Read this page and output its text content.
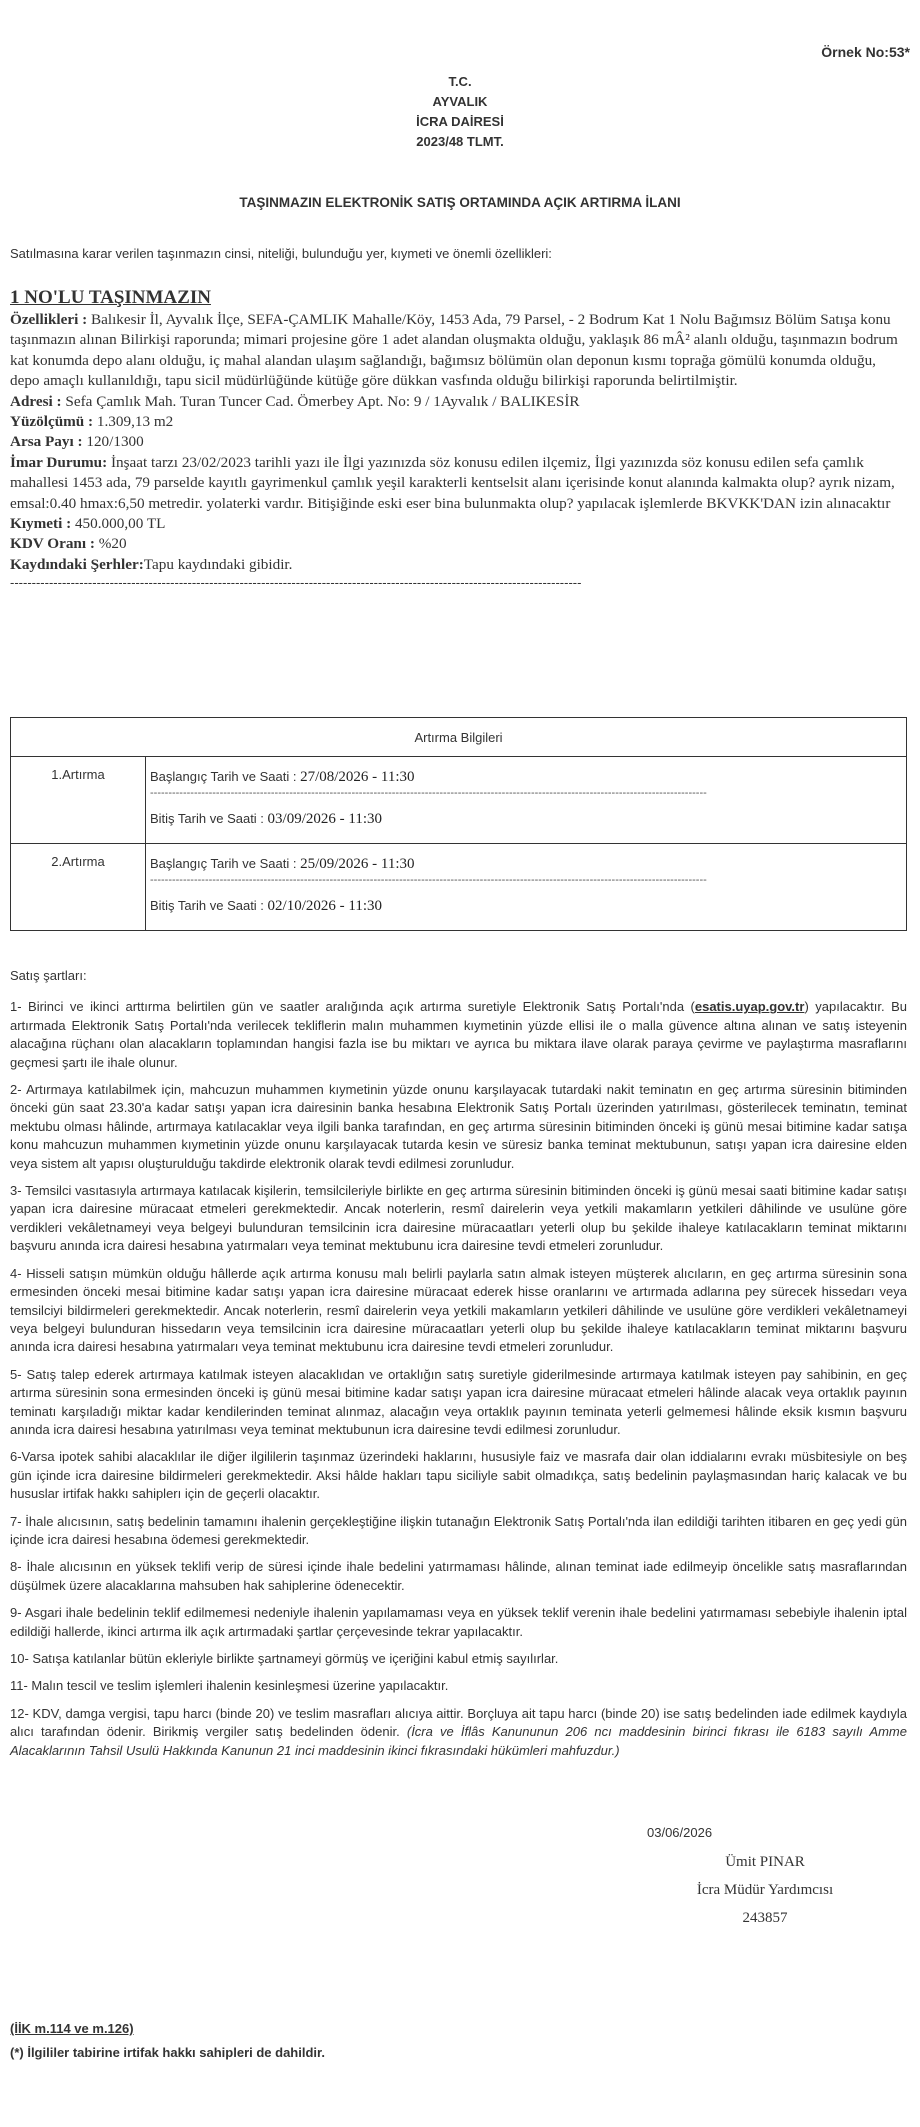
Örnek No:53*
T.C.
AYVALIK
İCRA DAİRESİ
2023/48 TLMT.
TAŞINMAZIN ELEKTRONİK SATIŞ ORTAMINDA AÇIK ARTIRMA İLANI
Satılmasına karar verilen taşınmazın cinsi, niteliği, bulunduğu yer, kıymeti ve önemli özellikleri:
1 NO'LU TAŞINMAZIN
Özellikleri : Balıkesir İl, Ayvalık İlçe, SEFA-ÇAMLIK Mahalle/Köy, 1453 Ada, 79 Parsel, - 2 Bodrum Kat 1 Nolu Bağımsız Bölüm Satışa konu taşınmazın alınan Bilirkişi raporunda; mimari projesine göre 1 adet alandan oluşmakta olduğu, yaklaşık 86 mÂ² alanlı olduğu, taşınmazın bodrum kat konumda depo alanı olduğu, iç mahal alandan ulaşım sağlandığı, bağımsız bölümün olan deponun kısmı toprağa gömülü konumda olduğu, depo amaçlı kullanıldığı, tapu sicil müdürlüğünde kütüğe göre dükkan vasfında olduğu bilirkişi raporunda belirtilmiştir.
Adresi : Sefa Çamlık Mah. Turan Tuncer Cad. Ömerbey Apt. No: 9 / 1Ayvalık / BALIKESİR
Yüzölçümü : 1.309,13 m2
Arsa Payı : 120/1300
İmar Durumu: İnşaat tarzı 23/02/2023 tarihli yazı ile İlgi yazınızda söz konusu edilen ilçemiz, İlgi yazınızda söz konusu edilen sefa çamlık mahallesi 1453 ada, 79 parselde kayıtlı gayrimenkul çamlık yeşil karakterli kentselsit alanı içerisinde konut alanında kalmakta olup? ayrık nizam, emsal:0.40 hmax:6,50 metredir. yolaterki vardır. Bitişiğinde eski eser bina bulunmakta olup? yapılacak işlemlerde BKVKK'DAN izin alınacaktır
Kıymeti : 450.000,00 TL
KDV Oranı : %20
Kaydındaki Şerhler:Tapu kaydındaki gibidir.
------------------------------------------------------------------------------------------------------------------------------------
Artırma Bilgileri	
1.Artırma	Başlangıç Tarih ve Saati : 27/08/2026 - 11:30
--------------------------------------------------------------------------------------------------------------------------------------------------------
Bitiş Tarih ve Saati : 03/09/2026 - 11:30

2.Artırma	Başlangıç Tarih ve Saati : 25/09/2026 - 11:30
--------------------------------------------------------------------------------------------------------------------------------------------------------
Bitiş Tarih ve Saati : 02/10/2026 - 11:30

Satış şartları:

1- Birinci ve ikinci arttırma belirtilen gün ve saatler aralığında açık artırma suretiyle Elektronik Satış Portalı'nda (esatis.uyap.gov.tr) yapılacaktır. Bu artırmada Elektronik Satış Portalı'nda verilecek tekliflerin malın muhammen kıymetinin yüzde ellisi ile o malla güvence altına alınan ve satış isteyenin alacağına rüçhanı olan alacakların toplamından hangisi fazla ise bu miktarı ve ayrıca bu miktara ilave olarak paraya çevirme ve paylaştırma masraflarını geçmesi şartı ile ihale olunur.

2- Artırmaya katılabilmek için, mahcuzun muhammen kıymetinin yüzde onunu karşılayacak tutardaki nakit teminatın en geç artırma süresinin bitiminden önceki gün saat 23.30'a kadar satışı yapan icra dairesinin banka hesabına Elektronik Satış Portalı üzerinden yatırılması, gösterilecek teminatın, teminat mektubu olması hâlinde, artırmaya katılacaklar veya ilgili banka tarafından, en geç artırma süresinin bitiminden önceki iş günü mesai bitimine kadar satışa konu mahcuzun muhammen kıymetinin yüzde onunu karşılayacak tutarda kesin ve süresiz banka teminat mektubunun, satışı yapan icra dairesine elden veya sistem alt yapısı oluşturulduğu takdirde elektronik olarak tevdi edilmesi zorunludur.

3- Temsilci vasıtasıyla artırmaya katılacak kişilerin, temsilcileriyle birlikte en geç artırma süresinin bitiminden önceki iş günü mesai saati bitimine kadar satışı yapan icra dairesine müracaat etmeleri gerekmektedir. Ancak noterlerin, resmî dairelerin veya yetkili makamların yetkileri dâhilinde ve usulüne göre verdikleri vekâletnameyi veya belgeyi bulunduran temsilcinin icra dairesine müracaatları yeterli olup bu şekilde ihaleye katılacakların teminat miktarını başvuru anında icra dairesi hesabına yatırmaları veya teminat mektubunu icra dairesine tevdi etmeleri zorunludur.

4- Hisseli satışın mümkün olduğu hâllerde açık artırma konusu malı belirli paylarla satın almak isteyen müşterek alıcıların, en geç artırma süresinin sona ermesinden önceki mesai bitimine kadar satışı yapan icra dairesine müracaat ederek hisse oranlarını ve artırmada adlarına pey sürecek hissedarı veya temsilciyi bildirmeleri gerekmektedir. Ancak noterlerin, resmî dairelerin veya yetkili makamların yetkileri dâhilinde ve usulüne göre verdikleri vekâletnameyi veya belgeyi bulunduran hissedarın veya temsilcinin icra dairesine müracaatları yeterli olup bu şekilde ihaleye katılacakların teminat miktarını başvuru anında icra dairesi hesabına yatırmaları veya teminat mektubunu icra dairesine tevdi etmeleri zorunludur.

5- Satış talep ederek artırmaya katılmak isteyen alacaklıdan ve ortaklığın satış suretiyle giderilmesinde artırmaya katılmak isteyen pay sahibinin, en geç artırma süresinin sona ermesinden önceki iş günü mesai bitimine kadar satışı yapan icra dairesine müracaat etmeleri hâlinde alacak veya ortaklık payının teminatı karşıladığı miktar kadar kendilerinden teminat alınmaz, alacağın veya ortaklık payının teminata yeterli gelmemesi hâlinde eksik kısmın başvuru anında icra dairesi hesabına yatırılması veya teminat mektubunun icra dairesine tevdi edilmesi zorunludur.

6-Varsa ipotek sahibi alacaklılar ile diğer ilgililerin taşınmaz üzerindeki haklarını, hususiyle faiz ve masrafa dair olan iddialarını evrakı müsbitesiyle on beş gün içinde icra dairesine bildirmeleri gerekmektedir. Aksi hâlde hakları tapu siciliyle sabit olmadıkça, satış bedelinin paylaşmasından hariç kalacak ve bu hususlar irtifak hakkı sahiplerı için de geçerli olacaktır.

7- İhale alıcısının, satış bedelinin tamamını ihalenin gerçekleştiğine ilişkin tutanağın Elektronik Satış Portalı'nda ilan edildiği tarihten itibaren en geç yedi gün içinde icra dairesi hesabına ödemesi gerekmektedir.

8- İhale alıcısının en yüksek teklifi verip de süresi içinde ihale bedelini yatırmaması hâlinde, alınan teminat iade edilmeyip öncelikle satış masraflarından düşülmek üzere alacaklarına mahsuben hak sahiplerine ödenecektir.

9- Asgari ihale bedelinin teklif edilmemesi nedeniyle ihalenin yapılamaması veya en yüksek teklif verenin ihale bedelini yatırmaması sebebiyle ihalenin iptal edildiği hallerde, ikinci artırma ilk açık artırmadaki şartlar çerçevesinde tekrar yapılacaktır.

10- Satışa katılanlar bütün ekleriyle birlikte şartnameyi görmüş ve içeriğini kabul etmiş sayılırlar.

11- Malın tescil ve teslim işlemleri ihalenin kesinleşmesi üzerine yapılacaktır.

12- KDV, damga vergisi, tapu harcı (binde 20) ve teslim masrafları alıcıya aittir. Borçluya ait tapu harcı (binde 20) ise satış bedelinden iade edilmek kaydıyla alıcı tarafından ödenir. Birikmiş vergiler satış bedelinden ödenir. (İcra ve İflâs Kanununun 206 ncı maddesinin birinci fıkrası ile 6183 sayılı Amme Alacaklarının Tahsil Usulü Hakkında Kanunun 21 inci maddesinin ikinci fıkrasındaki hükümleri mahfuzdur.)

03/06/2026
Ümit PINAR
İcra Müdür Yardımcısı
243857
(İİK m.114 ve m.126)
(*) İlgililer tabirine irtifak hakkı sahipleri de dahildir.
